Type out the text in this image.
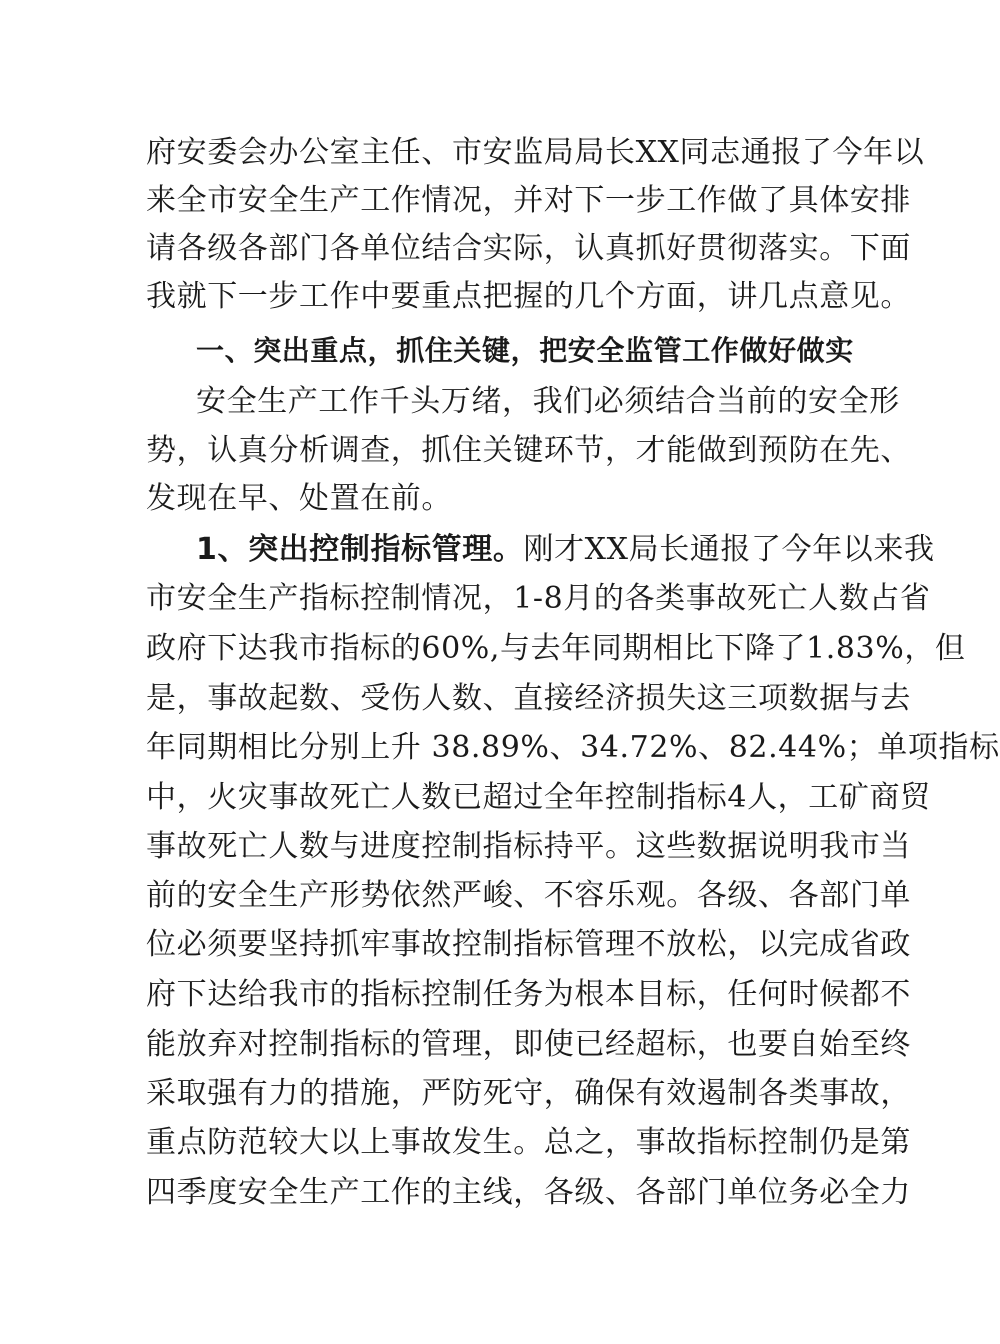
府安委会办公室主任、市安监局局长XX同志通报了今年以
来全市安全生产工作情况，并对下一步工作做了具体安排
请各级各部门各单位结合实际，认真抓好贯彻落实。下面
我就下一步工作中要重点把握的几个方面，讲几点意见。
一、突出重点，抓住关键，把安全监管工作做好做实
安全生产工作千头万绪，我们必须结合当前的安全形
势，认真分析调查，抓住关键环节，才能做到预防在先、
发现在早、处置在前。
1、突出控制指标管理。刚才XX局长通报了今年以来我
市安全生产指标控制情况，1-8月的各类事故死亡人数占省
政府下达我市指标的60%,与去年同期相比下降了1.83%，但
是，事故起数、受伤人数、直接经济损失这三项数据与去
年同期相比分别上升 38.89%、34.72%、82.44%；单项指标
中，火灾事故死亡人数已超过全年控制指标4人，工矿商贸
事故死亡人数与进度控制指标持平。这些数据说明我市当
前的安全生产形势依然严峻、不容乐观。各级、各部门单
位必须要坚持抓牢事故控制指标管理不放松，以完成省政
府下达给我市的指标控制任务为根本目标，任何时候都不
能放弃对控制指标的管理，即使已经超标，也要自始至终
采取强有力的措施，严防死守，确保有效遏制各类事故，
重点防范较大以上事故发生。总之，事故指标控制仍是第
四季度安全生产工作的主线，各级、各部门单位务必全力
